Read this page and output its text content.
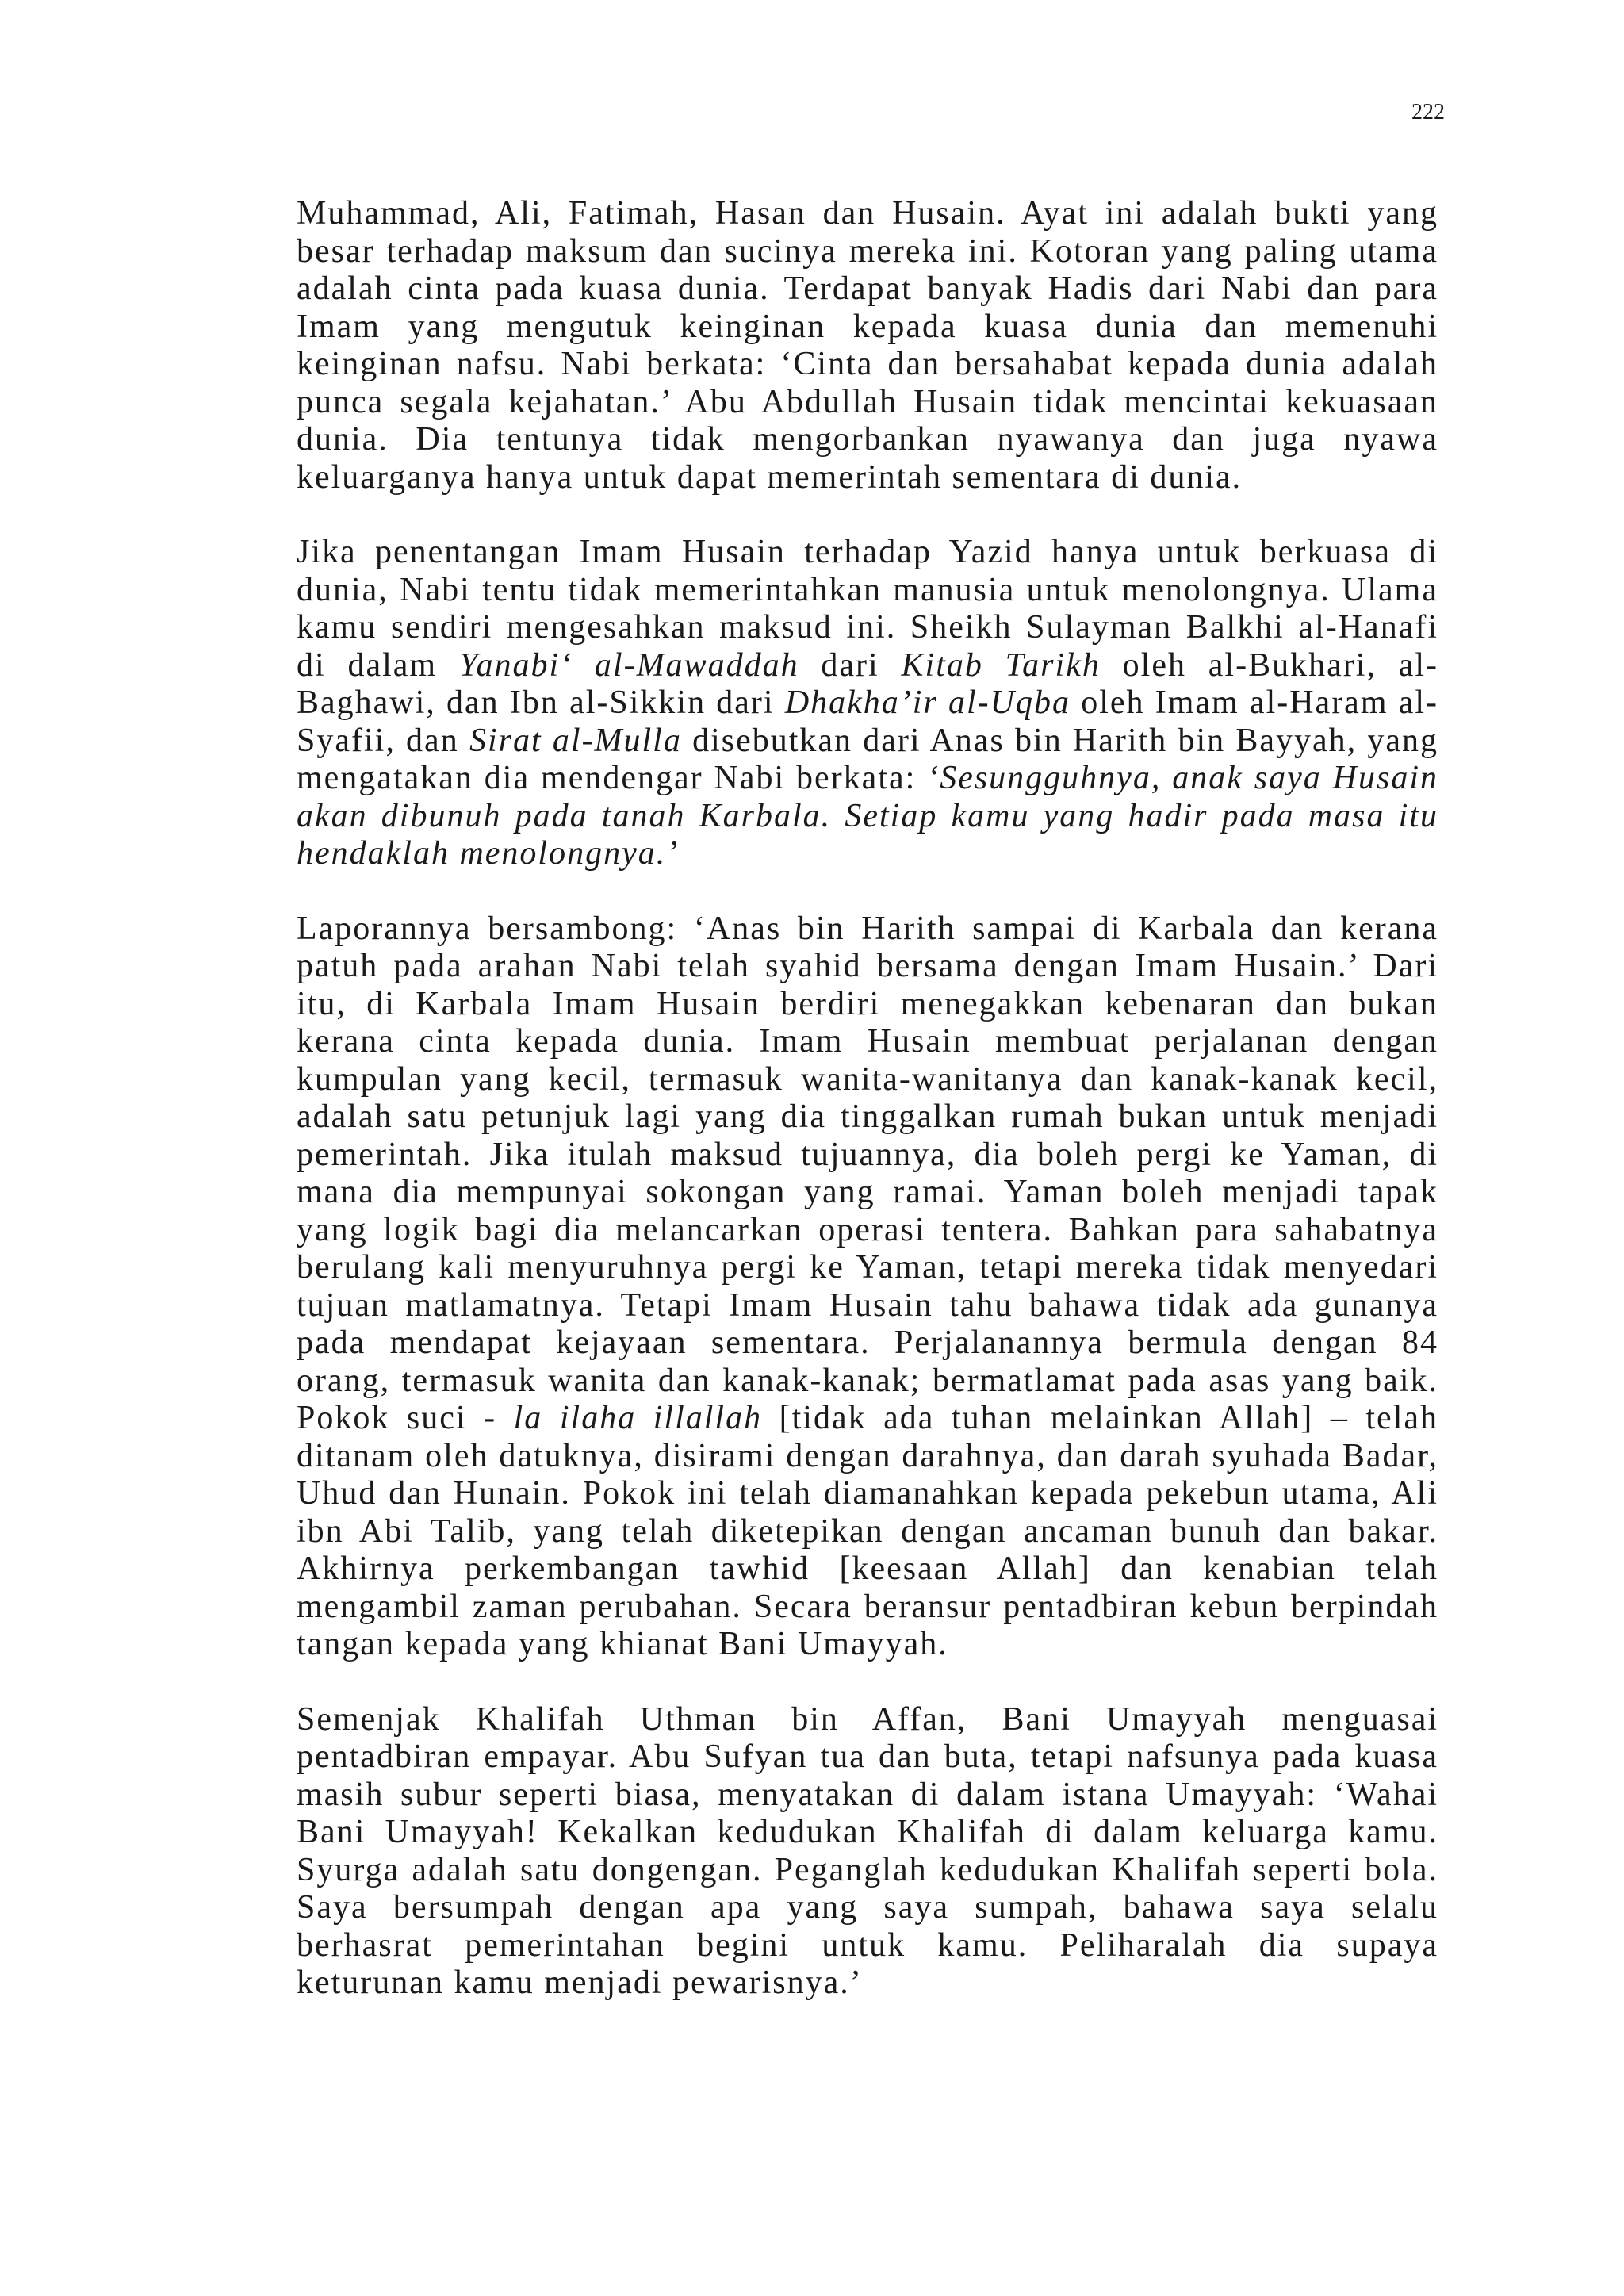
222

Muhammad, Ali, Fatimah, Hasan dan Husain. Ayat ini adalah bukti yang besar terhadap maksum dan sucinya mereka ini. Kotoran yang paling utama adalah cinta pada kuasa dunia. Terdapat banyak Hadis dari Nabi dan para Imam yang mengutuk keinginan kepada kuasa dunia dan memenuhi keinginan nafsu. Nabi berkata: ‘Cinta dan bersahabat kepada dunia adalah punca segala kejahatan.’ Abu Abdullah Husain tidak mencintai kekuasaan dunia. Dia tentunya tidak mengorbankan nyawanya dan juga nyawa keluarganya hanya untuk dapat memerintah sementara di dunia.

Jika penentangan Imam Husain terhadap Yazid hanya untuk berkuasa di dunia, Nabi tentu tidak memerintahkan manusia untuk menolongnya. Ulama kamu sendiri mengesahkan maksud ini. Sheikh Sulayman Balkhi al-Hanafi di dalam Yanabi‘ al-Mawaddah dari Kitab Tarikh oleh al-Bukhari, al-Baghawi, dan Ibn al-Sikkin dari Dhakha’ir al-Uqba oleh Imam al-Haram al-Syafii, dan Sirat al-Mulla disebutkan dari Anas bin Harith bin Bayyah, yang mengatakan dia mendengar Nabi berkata: ‘Sesungguhnya, anak saya Husain akan dibunuh pada tanah Karbala. Setiap kamu yang hadir pada masa itu hendaklah menolongnya.’

Laporannya bersambong: ‘Anas bin Harith sampai di Karbala dan kerana patuh pada arahan Nabi telah syahid bersama dengan Imam Husain.’ Dari itu, di Karbala Imam Husain berdiri menegakkan kebenaran dan bukan kerana cinta kepada dunia. Imam Husain membuat perjalanan dengan kumpulan yang kecil, termasuk wanita-wanitanya dan kanak-kanak kecil, adalah satu petunjuk lagi yang dia tinggalkan rumah bukan untuk menjadi pemerintah. Jika itulah maksud tujuannya, dia boleh pergi ke Yaman, di mana dia mempunyai sokongan yang ramai. Yaman boleh menjadi tapak yang logik bagi dia melancarkan operasi tentera. Bahkan para sahabatnya berulang kali menyuruhnya pergi ke Yaman, tetapi mereka tidak menyedari tujuan matlamatnya. Tetapi Imam Husain tahu bahawa tidak ada gunanya pada mendapat kejayaan sementara. Perjalanannya bermula dengan 84 orang, termasuk wanita dan kanak-kanak; bermatlamat pada asas yang baik. Pokok suci - la ilaha illallah [tidak ada tuhan melainkan Allah] – telah ditanam oleh datuknya, disirami dengan darahnya, dan darah syuhada Badar, Uhud dan Hunain. Pokok ini telah diamanahkan kepada pekebun utama, Ali ibn Abi Talib, yang telah diketepikan dengan ancaman bunuh dan bakar. Akhirnya perkembangan tawhid [keesaan Allah] dan kenabian telah mengambil zaman perubahan. Secara beransur pentadbiran kebun berpindah tangan kepada yang khianat Bani Umayyah.

Semenjak Khalifah Uthman bin Affan, Bani Umayyah menguasai pentadbiran empayar. Abu Sufyan tua dan buta, tetapi nafsunya pada kuasa masih subur seperti biasa, menyatakan di dalam istana Umayyah: ‘Wahai Bani Umayyah! Kekalkan kedudukan Khalifah di dalam keluarga kamu. Syurga adalah satu dongengan. Peganglah kedudukan Khalifah seperti bola. Saya bersumpah dengan apa yang saya sumpah, bahawa saya selalu berhasrat pemerintahan begini untuk kamu. Peliharalah dia supaya keturunan kamu menjadi pewarisnya.’
